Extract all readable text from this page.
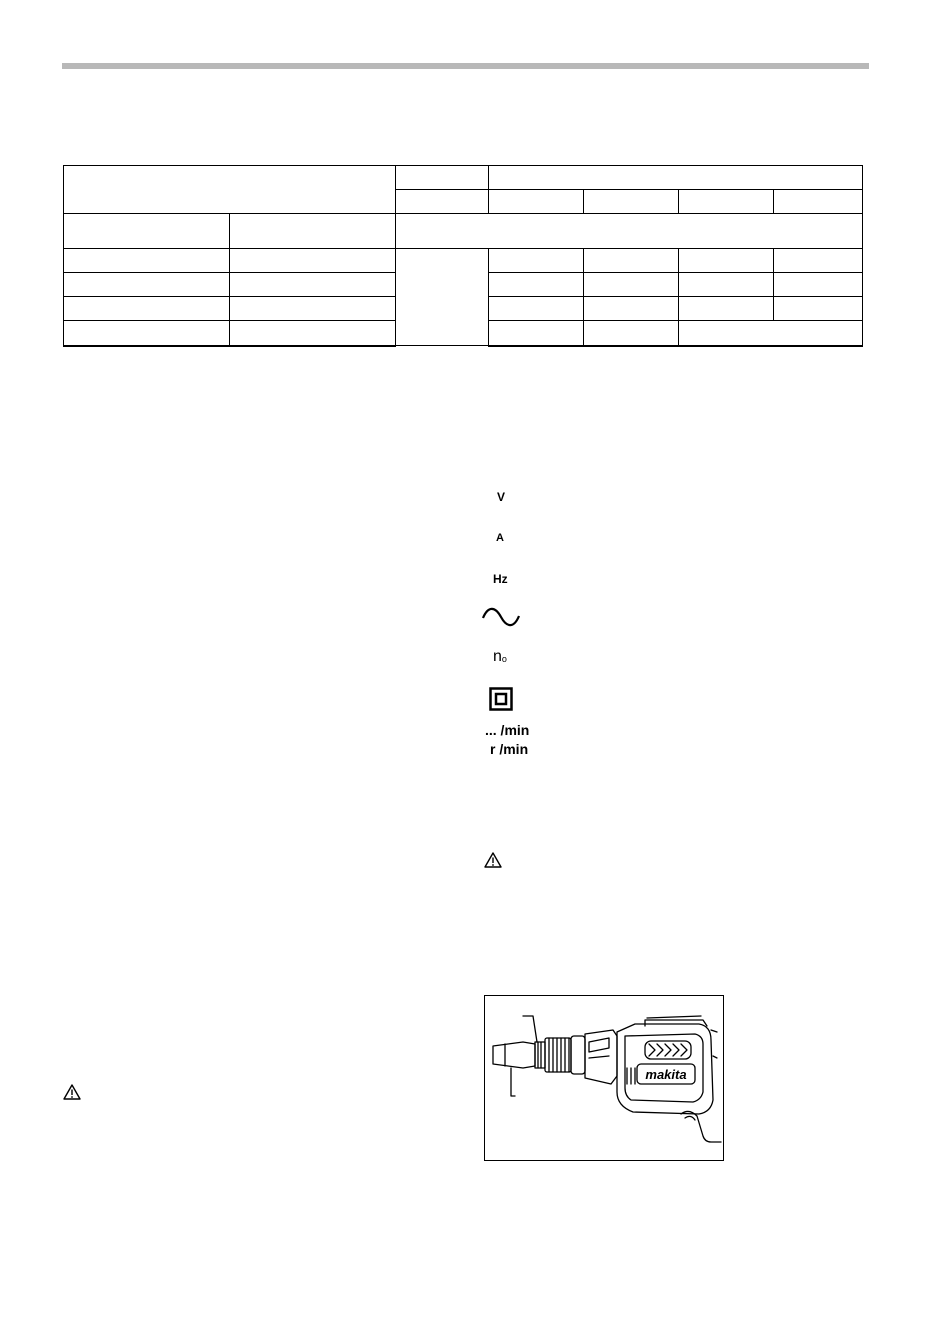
V
A
Hz
$n_o$
... /min
r /min
makita
